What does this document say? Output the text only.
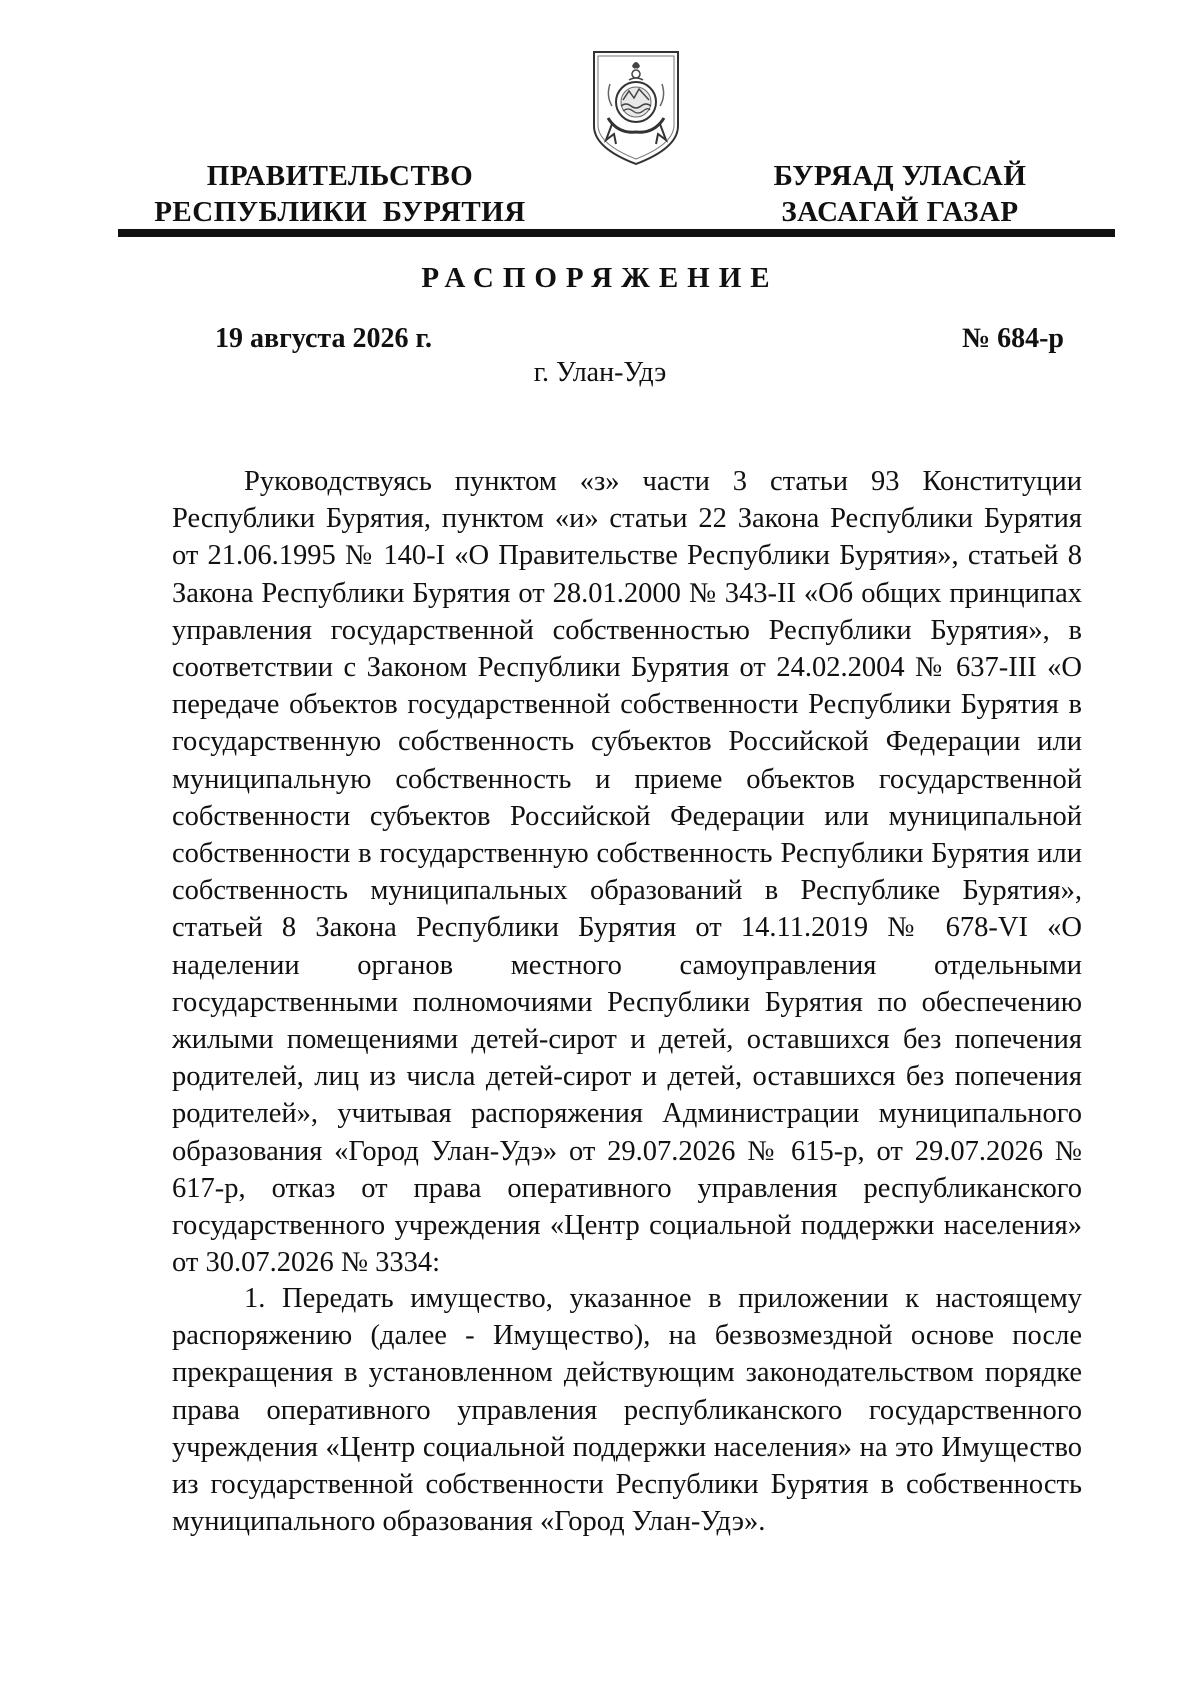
ПРАВИТЕЛЬСТВО
РЕСПУБЛИКИ  БУРЯТИЯ
БУРЯАД УЛАСАЙ
ЗАСАГАЙ ГАЗАР
РАСПОРЯЖЕНИЕ
19 августа 2026 г.	№ 684-р
г. Улан-Удэ

Руководствуясь пунктом «з» части 3 статьи 93 Конституции Республики Бурятия, пунктом «и» статьи 22 Закона Республики Бурятия от 21.06.1995 № 140-I «О Правительстве Республики Бурятия», статьей 8 Закона Республики Бурятия от 28.01.2000 № 343-II «Об общих принципах управления государственной собственностью Республики Бурятия», в соответствии с Законом Республики Бурятия от 24.02.2004 № 637-III «О передаче объектов государственной собственности Республики Бурятия в государственную собственность субъектов Российской Федерации или муниципальную собственность и приеме объектов государственной собственности субъектов Российской Федерации или муниципальной собственности в государственную собственность Республики Бурятия или собственность муниципальных образований в Республике Бурятия», статьей 8 Закона Республики Бурятия от 14.11.2019 № 678-VI «О наделении органов местного самоуправления отдельными государственными полномочиями Республики Бурятия по обеспечению жилыми помещениями детей-сирот и детей, оставшихся без попечения родителей, лиц из числа детей-сирот и детей, оставшихся без попечения родителей», учитывая распоряжения Администрации муниципального образования «Город Улан-Удэ» от 29.07.2026 № 615-р, от 29.07.2026 № 617-р, отказ от права оперативного управления республиканского государственного учреждения «Центр социальной поддержки населения» от 30.07.2026 № 3334:

1. Передать имущество, указанное в приложении к настоящему распоряжению (далее - Имущество), на безвозмездной основе после прекращения в установленном действующим законодательством порядке права оперативного управления республиканского государственного учреждения «Центр социальной поддержки населения» на это Имущество из государственной собственности Республики Бурятия в собственность муниципального образования «Город Улан-Удэ».
